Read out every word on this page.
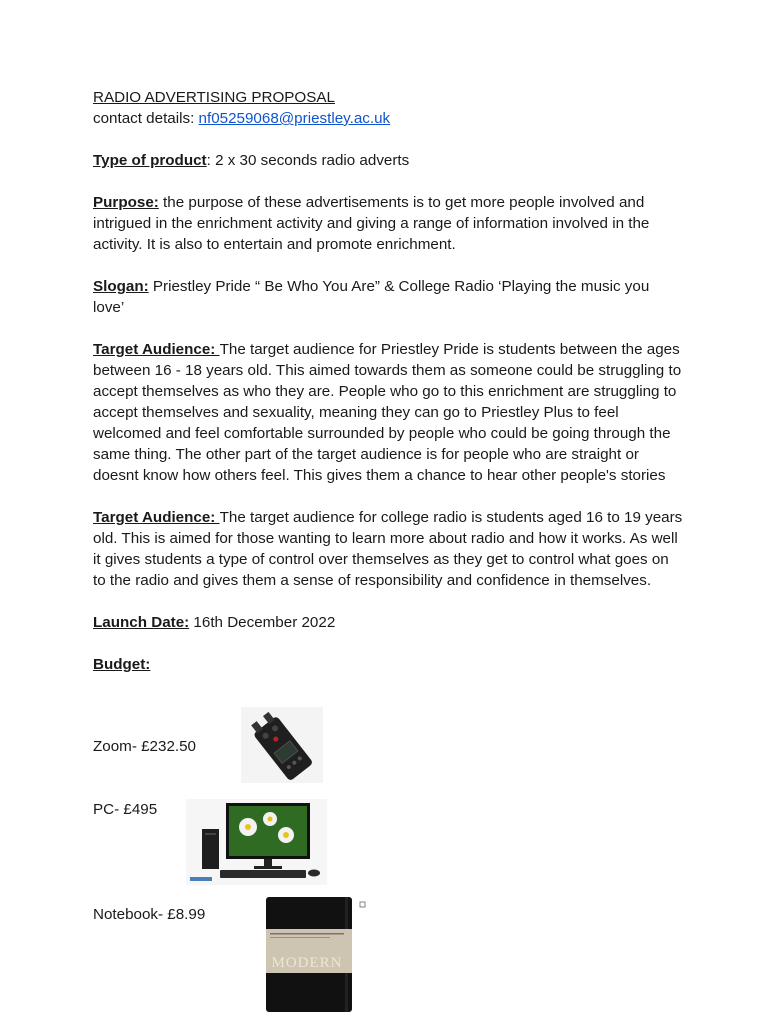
RADIO ADVERTISING PROPOSAL
contact details: nf05259068@priestley.ac.uk
Type of product: 2 x 30 seconds radio adverts

Purpose: the purpose of these advertisements is to get more people involved and intrigued in the enrichment activity and giving a range of information involved in the activity. It is also to entertain and promote enrichment.

Slogan: Priestley Pride “ Be Who You Are” & College Radio ‘Playing the music you love’

Target Audience: The target audience for Priestley Pride is students between the ages between 16 - 18 years old. This aimed towards them as someone could be struggling to accept themselves as who they are. People who go to this enrichment are struggling to accept themselves and sexuality, meaning they can go to Priestley Plus to feel welcomed and feel comfortable surrounded by people who could be going through the same thing. The other part of the target audience is for people who are straight or doesnt know how others feel. This gives them a chance to hear other people's stories

Target Audience: The target audience for college radio is students aged 16 to 19 years old. This is aimed for those wanting to learn more about radio and how it works. As well it gives students a type of control over themselves as they get to control what goes on to the radio and gives them a sense of responsibility and confidence in themselves.

Launch Date: 16th December 2022
Budget:
Zoom- £232.50
PC- £495
Notebook- £8.99
MODERN
